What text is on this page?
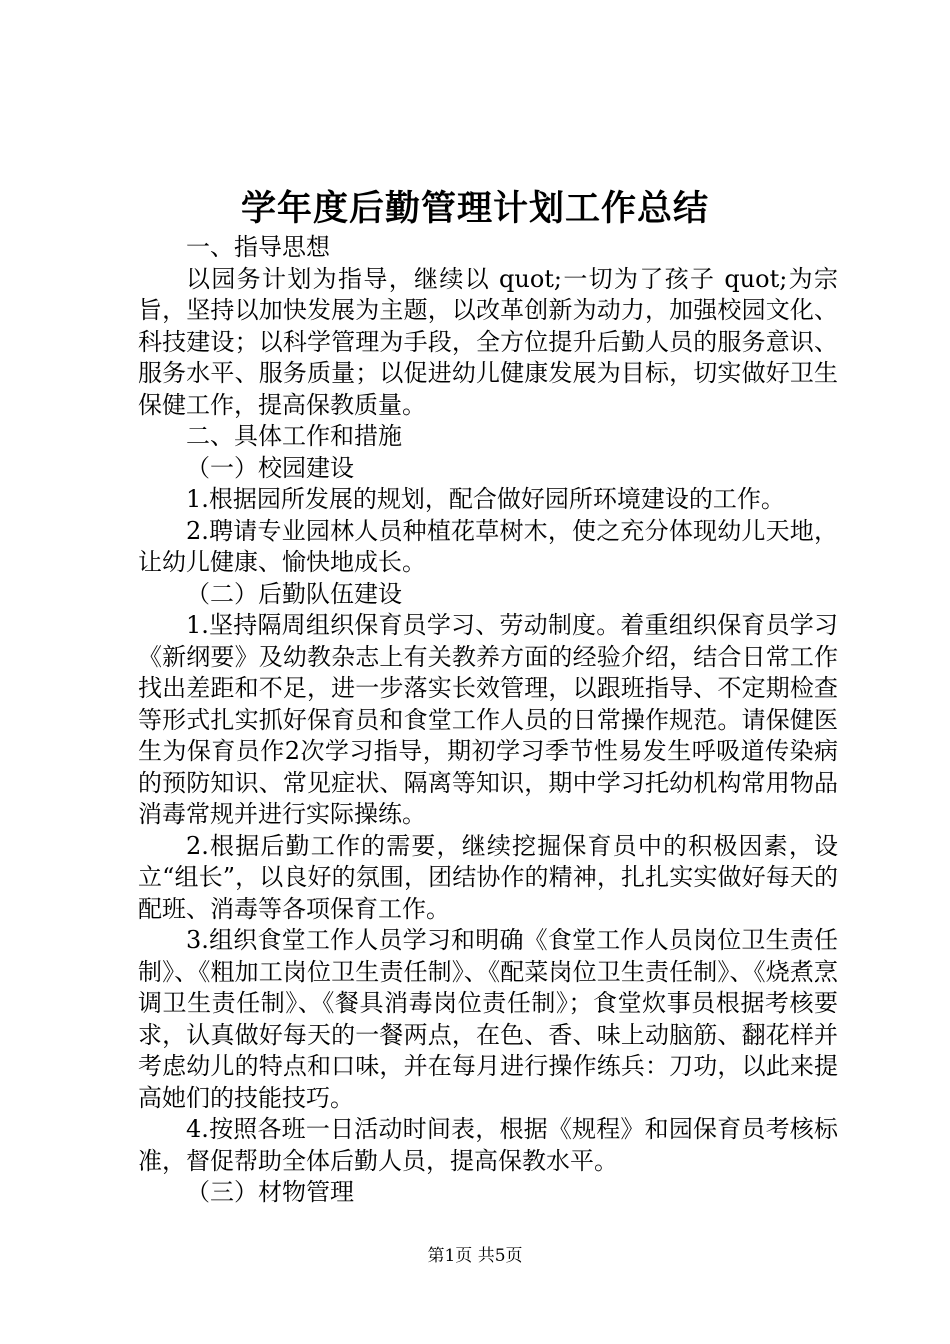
学年度后勤管理计划工作总结

一、指导思想

以园务计划为指导，继续以 quot;一切为了孩子 quot;为宗旨，坚持以加快发展为主题，以改革创新为动力，加强校园文化、科技建设；以科学管理为手段，全方位提升后勤人员的服务意识、服务水平、服务质量；以促进幼儿健康发展为目标，切实做好卫生保健工作，提高保教质量。

二、具体工作和措施

（一）校园建设

1.根据园所发展的规划，配合做好园所环境建设的工作。

2.聘请专业园林人员种植花草树木，使之充分体现幼儿天地，让幼儿健康、愉快地成长。

（二）后勤队伍建设

1.坚持隔周组织保育员学习、劳动制度。着重组织保育员学习《新纲要》及幼教杂志上有关教养方面的经验介绍，结合日常工作找出差距和不足，进一步落实长效管理，以跟班指导、不定期检查等形式扎实抓好保育员和食堂工作人员的日常操作规范。请保健医生为保育员作2次学习指导，期初学习季节性易发生呼吸道传染病的预防知识、常见症状、隔离等知识，期中学习托幼机构常用物品消毒常规并进行实际操练。

2.根据后勤工作的需要，继续挖掘保育员中的积极因素，设立“组长”，以良好的氛围，团结协作的精神，扎扎实实做好每天的配班、消毒等各项保育工作。

3.组织食堂工作人员学习和明确《食堂工作人员岗位卫生责任制》、《粗加工岗位卫生责任制》、《配菜岗位卫生责任制》、《烧煮烹调卫生责任制》、《餐具消毒岗位责任制》；食堂炊事员根据考核要求，认真做好每天的一餐两点，在色、香、味上动脑筋、翻花样并考虑幼儿的特点和口味，并在每月进行操作练兵：刀功，以此来提高她们的技能技巧。

4.按照各班一日活动时间表，根据《规程》和园保育员考核标准，督促帮助全体后勤人员，提高保教水平。

（三）材物管理

第1页 共5页
